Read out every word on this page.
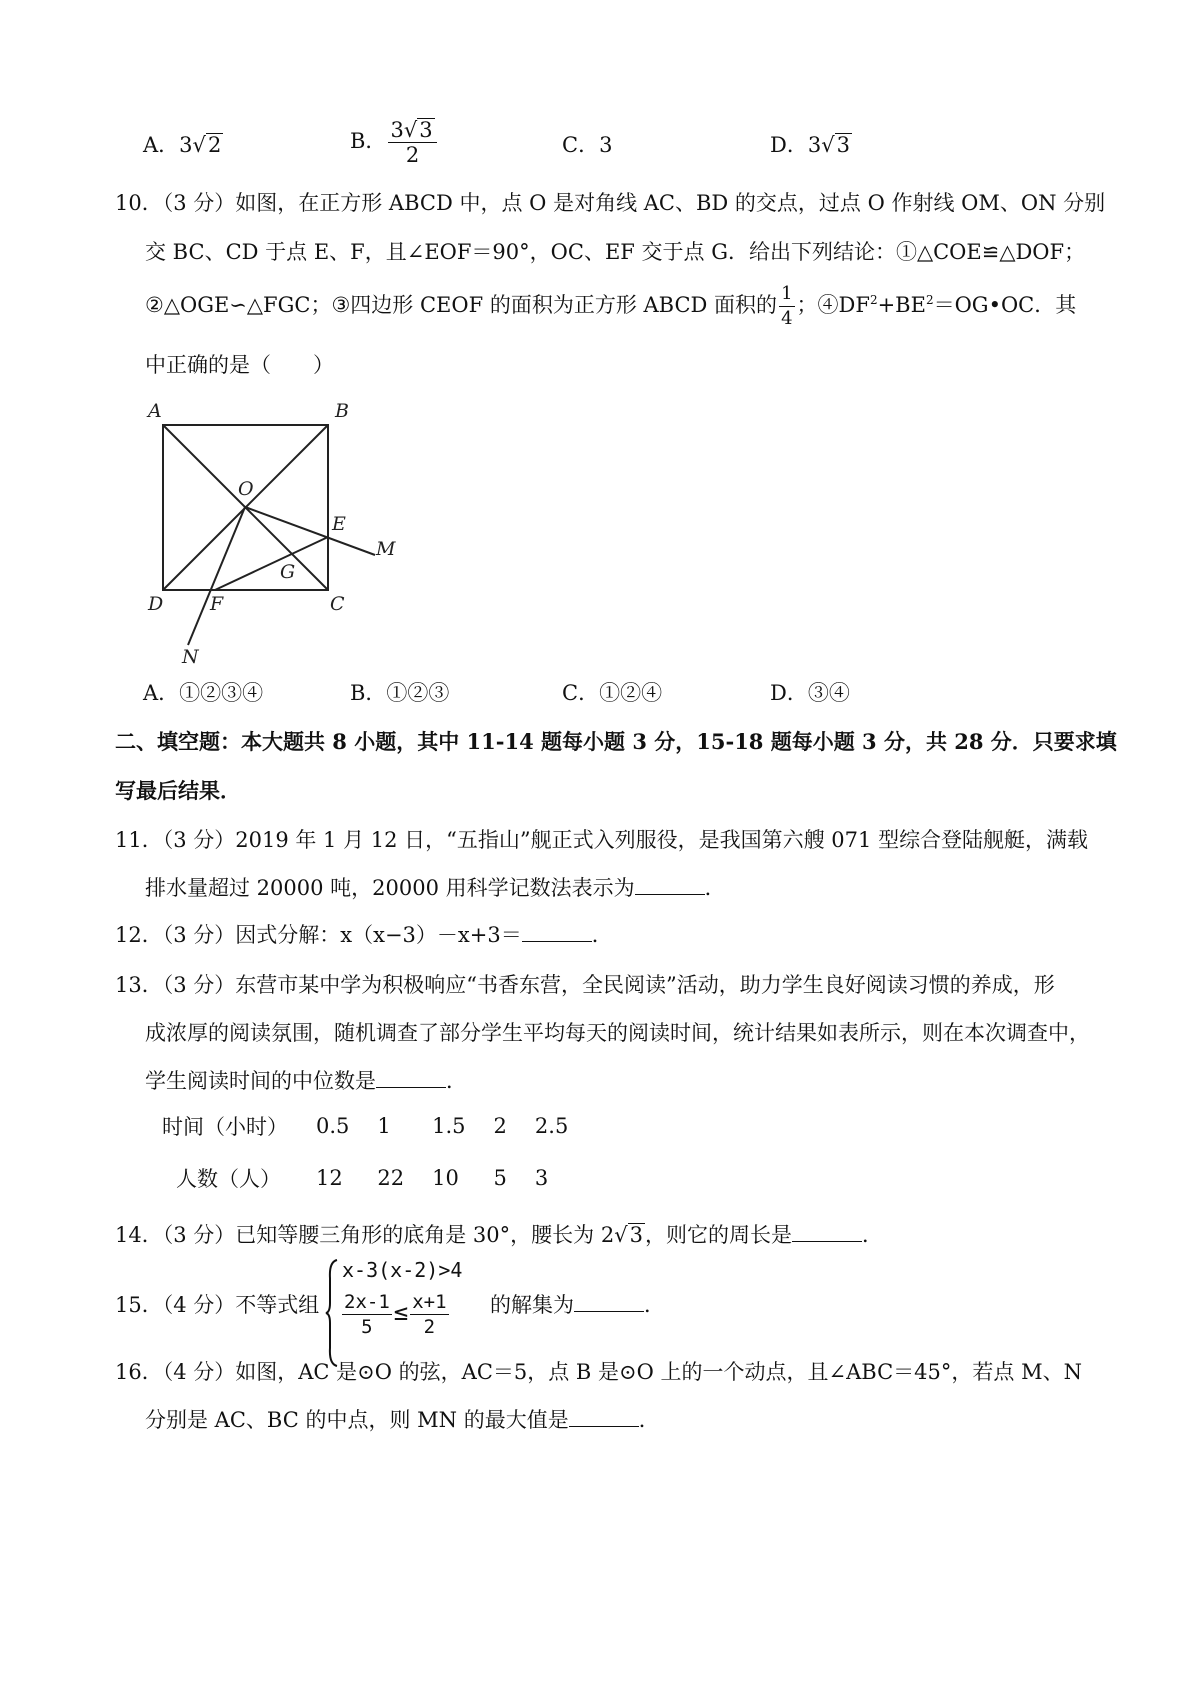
A．3√2	B． $\frac{3√3}{2}$	C．3	D．3√3
10．（3 分）如图，在正方形 ABCD 中，点 O 是对角线 AC、BD 的交点，过点 O 作射线 OM、ON 分别
交 BC、CD 于点 E、F，且∠EOF＝90°，OC、EF 交于点 G．给出下列结论：①△COE≌△DOF；
②△OGE∽△FGC；③四边形 CEOF 的面积为正方形 ABCD 面积的 $\frac{1}{4}$ ；$④DF^2+BE^2=OG•OC$．其
中正确的是（　　）
A	B
C
D
O
E
F
G
M
N
A．①②③④	B．①②③	C．①②④	D．③④
二、填空题：本大题共 8 小题，其中 11-14 题每小题 3 分，15-18 题每小题 3 分，共 28 分．只要求填
写最后结果．
11．（3 分）2019 年 1 月 12 日，“五指山”舰正式入列服役，是我国第六艘 071 型综合登陆舰艇，满载
排水量超过 20000 吨，20000 用科学记数法表示为	．
12．（3 分）因式分解：x（x−3）－x+3＝	．
13．（3 分）东营市某中学为积极响应“书香东营，全民阅读”活动，助力学生良好阅读习惯的养成，形
成浓厚的阅读氛围，随机调查了部分学生平均每天的阅读时间，统计结果如表所示，则在本次调查中，
学生阅读时间的中位数是	．
时间（小时）	0.5	1	1.5	2	2.5
人数（人）	12	22	10	5	3
14．（3 分）已知等腰三角形的底角是 30°，腰长为 2√3，则它的周长是	．
15．（4 分）不等式组
x-3(x-2)>4
$\frac{2x-1}{5} \le \frac{x+1}{2}$ 的解集为	．
16．（4 分）如图，AC 是⊙O 的弦，AC＝5，点 B 是⊙O 上的一个动点，且∠ABC＝45°，若点 M、N
分别是 AC、BC 的中点，则 MN 的最大值是	．
